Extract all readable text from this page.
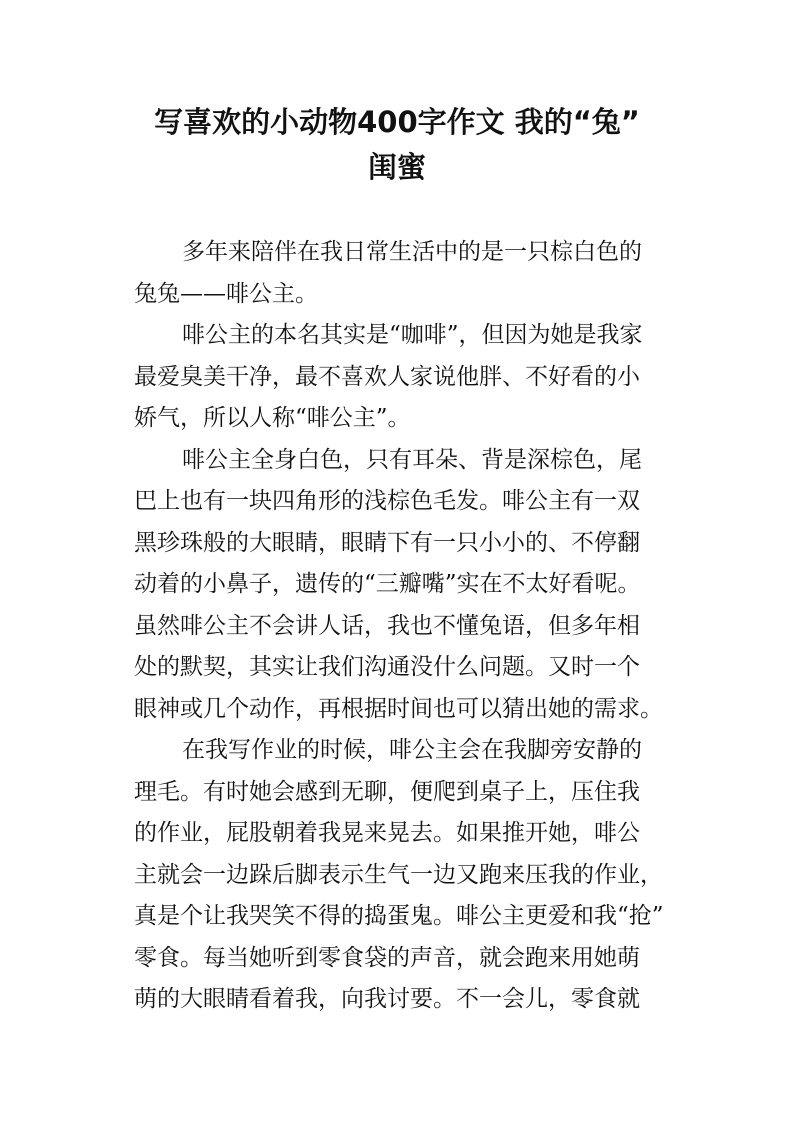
写喜欢的小动物400字作文 我的“兔”
闺蜜
多年来陪伴在我日常生活中的是一只棕白色的
兔兔——啡公主。
啡公主的本名其实是“咖啡”，但因为她是我家
最爱臭美干净，最不喜欢人家说他胖、不好看的小
娇气，所以人称“啡公主”。
啡公主全身白色，只有耳朵、背是深棕色，尾
巴上也有一块四角形的浅棕色毛发。啡公主有一双
黑珍珠般的大眼睛，眼睛下有一只小小的、不停翻
动着的小鼻子，遗传的“三瓣嘴”实在不太好看呢。
虽然啡公主不会讲人话，我也不懂兔语，但多年相
处的默契，其实让我们沟通没什么问题。又时一个
眼神或几个动作，再根据时间也可以猜出她的需求。
在我写作业的时候，啡公主会在我脚旁安静的
理毛。有时她会感到无聊，便爬到桌子上，压住我
的作业，屁股朝着我晃来晃去。如果推开她，啡公
主就会一边跺后脚表示生气一边又跑来压我的作业，
真是个让我哭笑不得的捣蛋鬼。啡公主更爱和我“抢”
零食。每当她听到零食袋的声音，就会跑来用她萌
萌的大眼睛看着我，向我讨要。不一会儿，零食就
